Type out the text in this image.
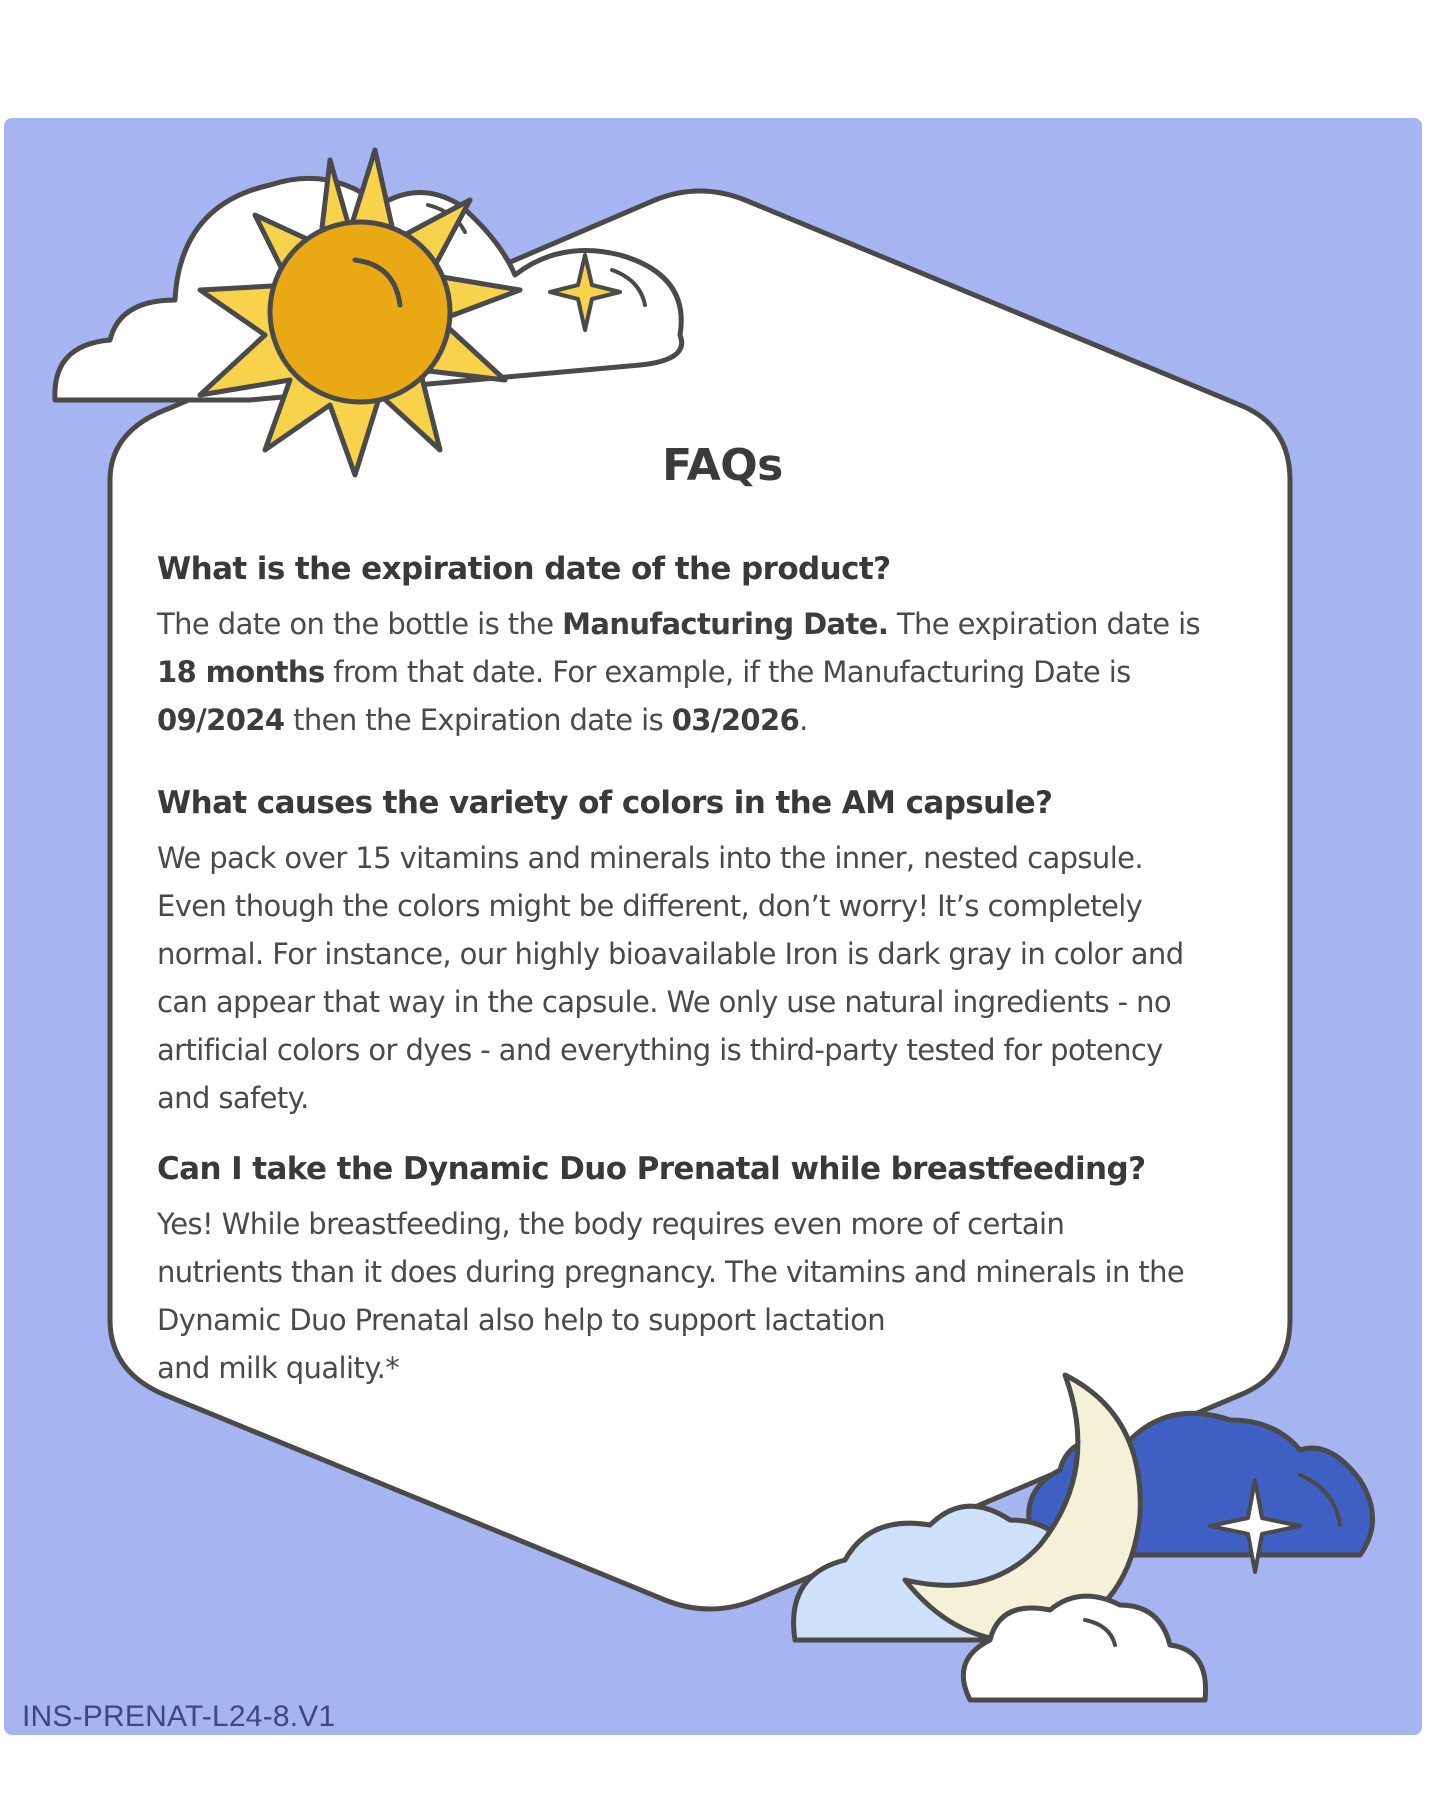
FAQs
What is the expiration date of the product?
The date on the bottle is the Manufacturing Date. The expiration date is
18 months from that date. For example, if the Manufacturing Date is
09/2024 then the Expiration date is 03/2026.
What causes the variety of colors in the AM capsule?
We pack over 15 vitamins and minerals into the inner, nested capsule.
Even though the colors might be different, don’t worry! It’s completely
normal. For instance, our highly bioavailable Iron is dark gray in color and
can appear that way in the capsule. We only use natural ingredients - no
artificial colors or dyes - and everything is third-party tested for potency
and safety.
Can I take the Dynamic Duo Prenatal while breastfeeding?
Yes! While breastfeeding, the body requires even more of certain
nutrients than it does during pregnancy. The vitamins and minerals in the
Dynamic Duo Prenatal also help to support lactation
and milk quality.*
INS-PRENAT-L24-8.V1
